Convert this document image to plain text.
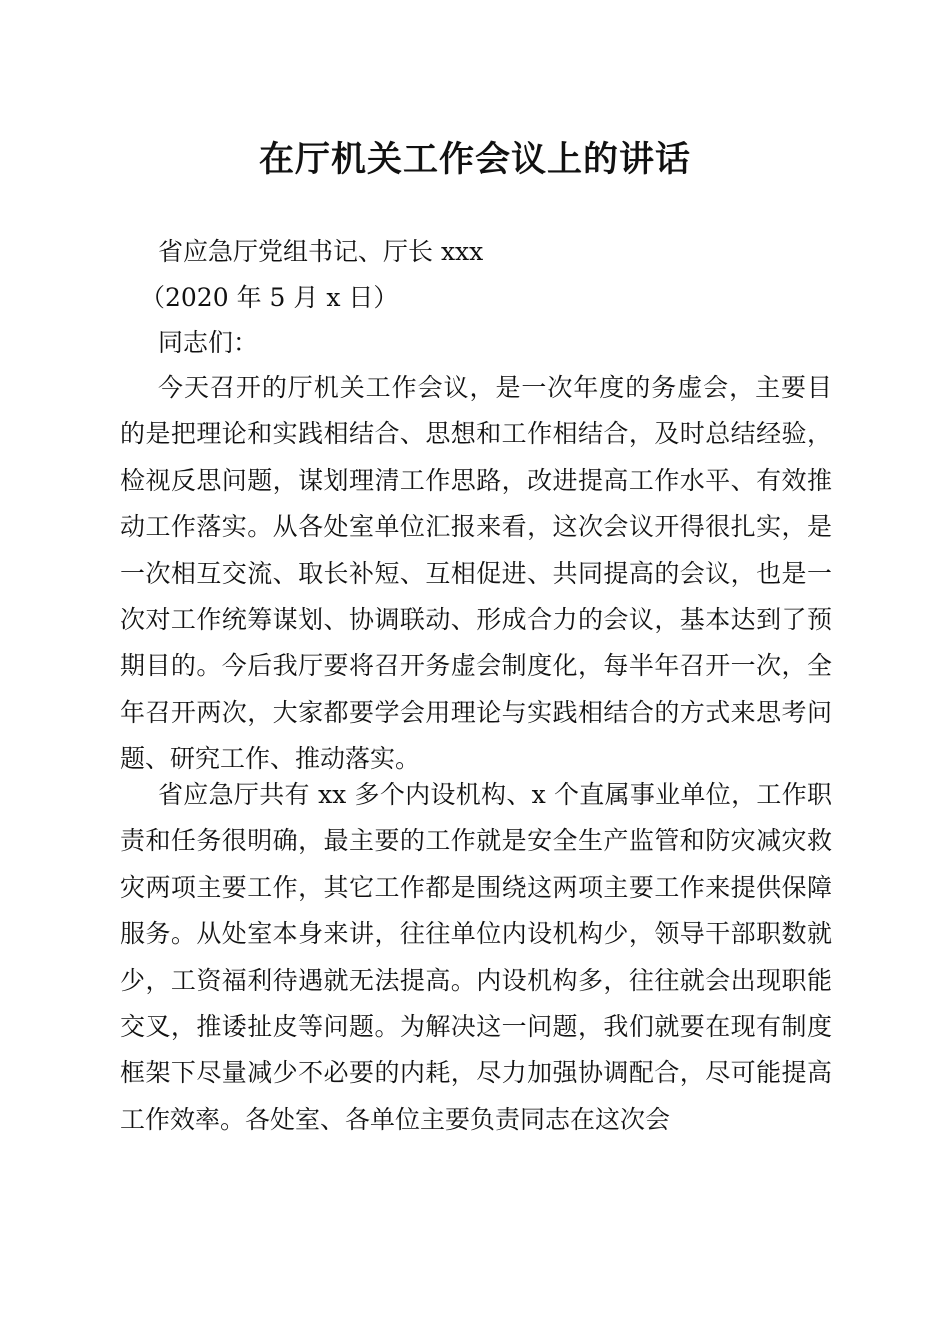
在厅机关工作会议上的讲话

省应急厅党组书记、厅长 xxx

（2020 年 5 月 x 日）

同志们：

今天召开的厅机关工作会议，是一次年度的务虚会，主要目的是把理论和实践相结合、思想和工作相结合，及时总结经验，检视反思问题，谋划理清工作思路，改进提高工作水平、有效推动工作落实。从各处室单位汇报来看，这次会议开得很扎实，是一次相互交流、取长补短、互相促进、共同提高的会议，也是一次对工作统筹谋划、协调联动、形成合力的会议，基本达到了预期目的。今后我厅要将召开务虚会制度化，每半年召开一次，全年召开两次，大家都要学会用理论与实践相结合的方式来思考问题、研究工作、推动落实。

省应急厅共有 xx 多个内设机构、x 个直属事业单位，工作职责和任务很明确，最主要的工作就是安全生产监管和防灾减灾救灾两项主要工作，其它工作都是围绕这两项主要工作来提供保障服务。从处室本身来讲，往往单位内设机构少，领导干部职数就少，工资福利待遇就无法提高。内设机构多，往往就会出现职能交叉，推诿扯皮等问题。为解决这一问题，我们就要在现有制度框架下尽量减少不必要的内耗，尽力加强协调配合，尽可能提高工作效率。各处室、各单位主要负责同志在这次会
